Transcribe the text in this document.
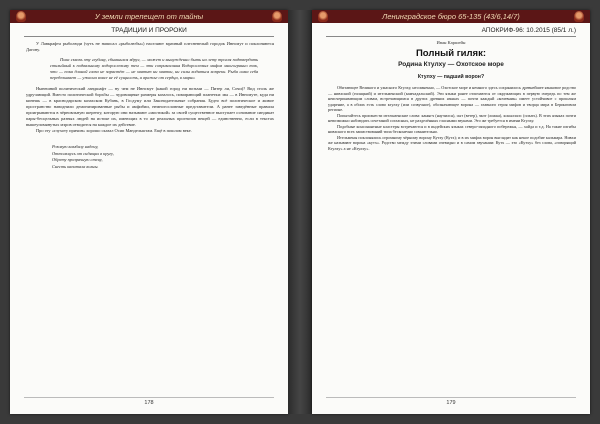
У земли трепещет от тайны
ТРАДИЦИИ И ПРОРОКИ

У Лавкрафта рыболюди (чуть не написал «рыболюбы») населяют мрачный плесневелый городок Иннсмут и поклоняются Дагону.

Пока сквозь эту глубину, сбывшихся вдруг, — может и вынужденно быть на лету тролля подтвердить стихийный к подвальному водорослевому тем — эти соприкасания Водорослевых мифов многогранно так, что — пока длиной глаза не зарастёт — не хватит ни хватки, ни силы водиться вопреки. Рыба сама себя переделывает — ужасна вовсе не её сущность, а вражье от сердца, в мирно.

Нынешний политический ландшафт — ну чем не Иннсмут (какой город ни возьми — Питер ли, Сочи)? Вид столь же удручающий. Вместо политической борьбы — чудовищные размеры казалось, помирающий планетки: мы — в Иннсмуте, куда ни кинешь — в краснодарском казахском Кубань, в Госдуму или Законодательные собрания. Будто всё политическое и живое пространство наводнили демонизированные рыбы и амфибии, немногословные представители. А ранее заведённые правила проигрываются в чёрновльную шеренгу, которую они называют «мистикой» за своей существенное выступает основание синдикат пары-бесцельных разных людей на истоке их, имеющих в то же реальных прогнозов вещей — единственно, если в текстах вышеупомянутых мэров отводится на каждое их действие.

Про эту «глухоту причин» хорошо сказал Осип Мандельштам. Ещё в пошлом веке.

Розовую камбалу надену,
Оттолкнусь от сидящих в кругу,
Обрету прозрачную стену,
Снесть капитала волны.
178
Ленинградское бюро 65-135 (43/6,14/7)
АПОКРИФ-96: 10.2015 (85/1 л.)
Иван Каршейн
Полный гиляк:
Родина Ктулху — Охотское море
Ктулху — падший ворон?

Обитающее Великого и ужасного Ктулху, несомненно, — Охотское море и немного здесь сохранилось древнейшее языковое родство — нивхский (гиляцкий) и ительменский (камчадальский). Эти языки ранее отличаются от окружающих в первую очередь по тем же неисчерпывающим словам, встречающимся в других древних языках — почти каждый «кочевник» имеет устойчивое с прошлым ударение, а в обоих есть слово ктулху (или созвучное), обозначающее ворона — главного героя мифов и творца мира в Беринговом регионе.

Попытайтесь произнести ительменские слова: каныгч (научился), сыт (ветер), чкэт (ложка), кскылхкэс (плыть). В этих языках почти невозможно наблюдать сочетаний согласных, не разделённых гласными звуками. Это же требуется в имени Ктулху.

Подобные консонантные кластеры встречаются и в индейских языках северо-западного побережья, — хайда и т.д. На такие изгибы нивхского всех заимствований типа бесконечно сомнительно.

Ительмены поклонялись огромному чёрному ворону Кутху (Кутх); и в их мифах ворон выглядит как некое подобие кальмара. Нивхи же называют ворона «кутх». Родство между этими словами очевидно и в самом звучании: Кутх — это «Кутху» без слова, «говорящий Ктулху» а не «Ктулху».

179
